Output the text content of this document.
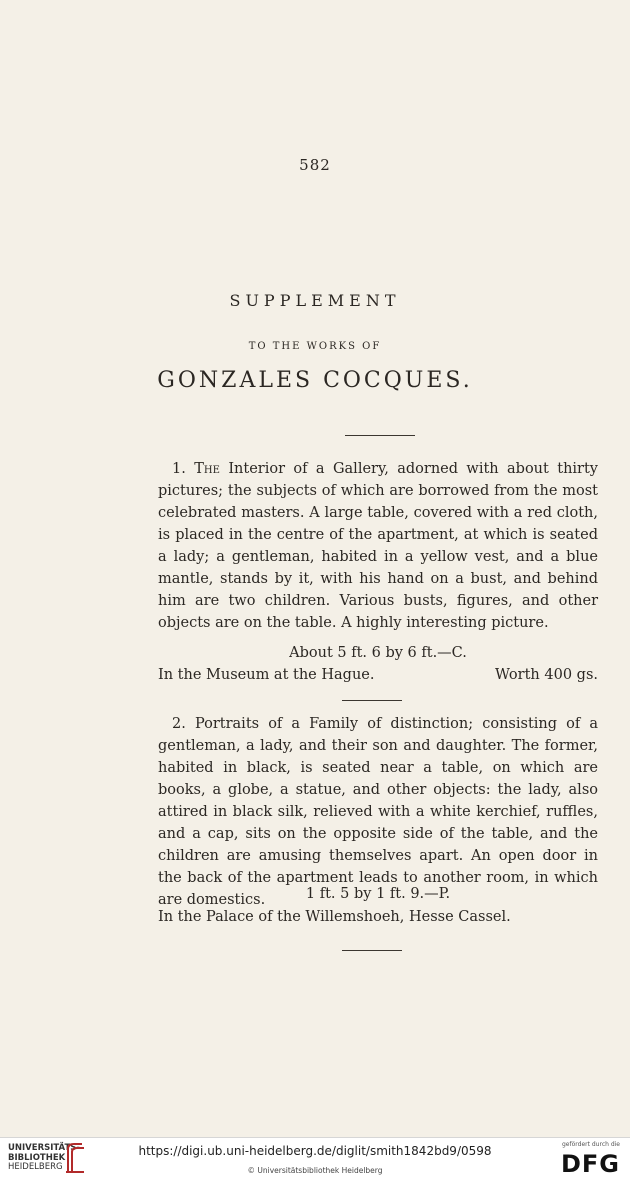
582
SUPPLEMENT
TO THE WORKS OF
GONZALES COCQUES.

1. The Interior of a Gallery, adorned with about thirty pictures; the subjects of which are borrowed from the most celebrated masters. A large table, covered with a red cloth, is placed in the centre of the apartment, at which is seated a lady; a gentleman, habited in a yellow vest, and a blue mantle, stands by it, with his hand on a bust, and behind him are two children. Various busts, figures, and other objects are on the table. A highly interesting picture.

About 5 ft. 6 by 6 ft.—C.
In the Museum at the Hague.	Worth 400 gs.

2. Portraits of a Family of distinction; consisting of a gentleman, a lady, and their son and daughter. The former, habited in black, is seated near a table, on which are books, a globe, a statue, and other objects: the lady, also attired in black silk, relieved with a white kerchief, ruffles, and a cap, sits on the opposite side of the table, and the children are amusing themselves apart. An open door in the back of the apartment leads to another room, in which are domestics.	1 ft. 5 by 1 ft. 9.—P.
In the Palace of the Willemshoeh, Hesse Cassel.
UNIVERSITÄTS-
BIBLIOTHEK
HEIDELBERG
https://digi.ub.uni-heidelberg.de/diglit/smith1842bd9/0598
© Universitätsbibliothek Heidelberg
gefördert durch die
DFG
